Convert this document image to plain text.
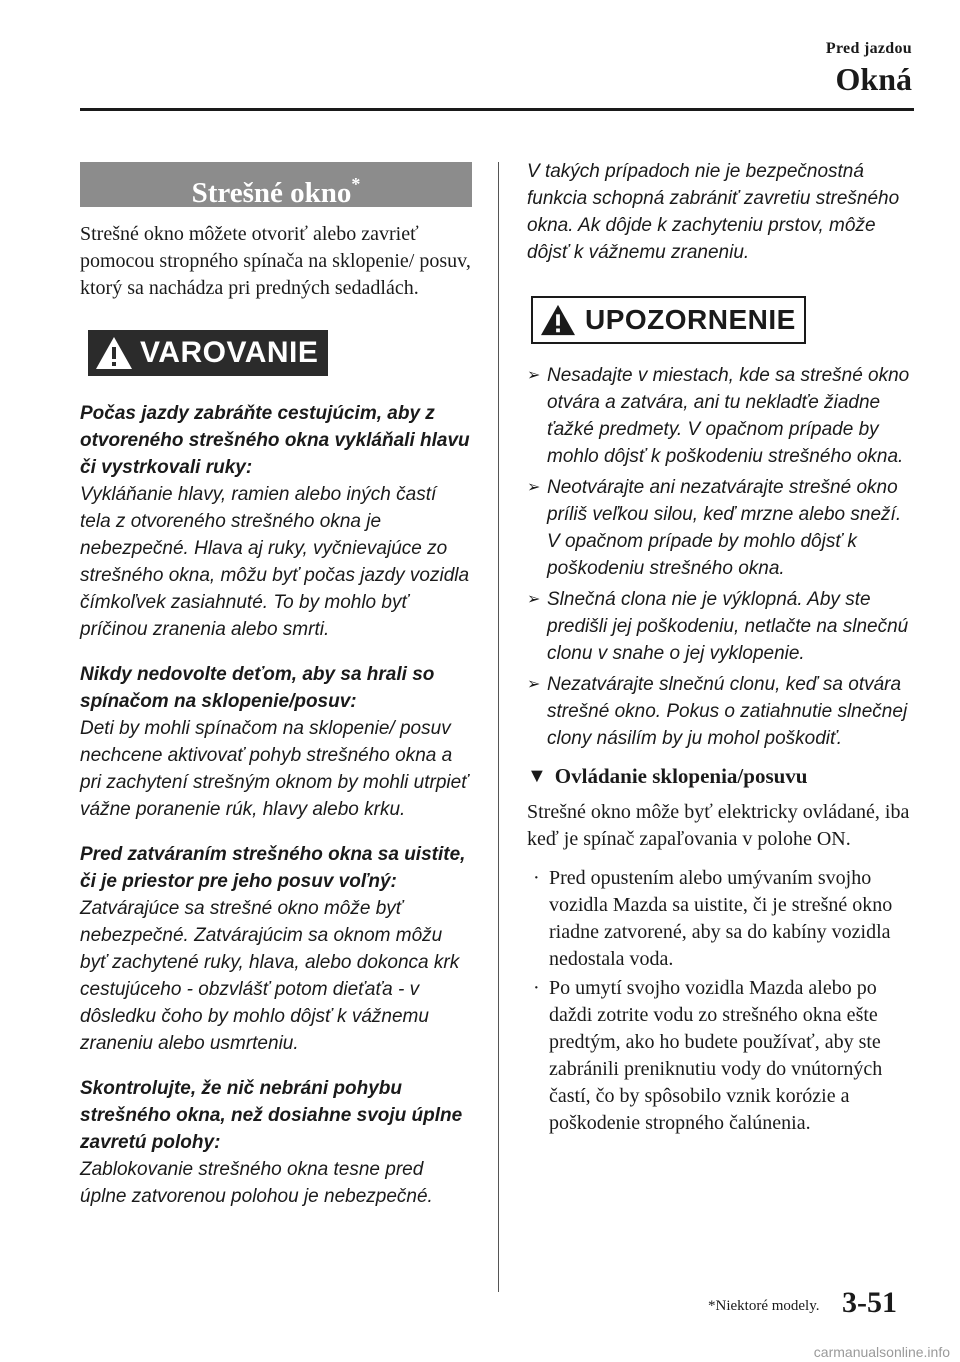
Pred jazdou
Okná
Strešné okno*

Strešné okno môžete otvoriť alebo zavrieť pomocou stropného spínača na sklopenie/ posuv, ktorý sa nachádza pri predných sedadlách.

VAROVANIE
Počas jazdy zabráňte cestujúcim, aby z otvoreného strešného okna vykláňali hlavu či vystrkovali ruky:
Vykláňanie hlavy, ramien alebo iných častí tela z otvoreného strešného okna je nebezpečné. Hlava aj ruky, vyčnievajúce zo strešného okna, môžu byť počas jazdy vozidla čímkoľvek zasiahnuté. To by mohlo byť príčinou zranenia alebo smrti.
Nikdy nedovolte deťom, aby sa hrali so spínačom na sklopenie/posuv:
Deti by mohli spínačom na sklopenie/ posuv nechcene aktivovať pohyb strešného okna a pri zachytení strešným oknom by mohli utrpieť vážne poranenie rúk, hlavy alebo krku.
Pred zatváraním strešného okna sa uistite, či je priestor pre jeho posuv voľný:
Zatvárajúce sa strešné okno môže byť nebezpečné. Zatvárajúcim sa oknom môžu byť zachytené ruky, hlava, alebo dokonca krk cestujúceho - obzvlášť potom dieťaťa - v dôsledku čoho by mohlo dôjsť k vážnemu zraneniu alebo usmrteniu.
Skontrolujte, že nič nebráni pohybu strešného okna, než dosiahne svoju úplne zavretú polohy:
Zablokovanie strešného okna tesne pred úplne zatvorenou polohou je nebezpečné.
V takých prípadoch nie je bezpečnostná funkcia schopná zabrániť zavretiu strešného okna. Ak dôjde k zachyteniu prstov, môže dôjsť k vážnemu zraneniu.
UPOZORNENIE
➢ Nesadajte v miestach, kde sa strešné okno otvára a zatvára, ani tu nekladťe žiadne ťažké predmety. V opačnom prípade by mohlo dôjsť k poškodeniu strešného okna.
➢ Neotvárajte ani nezatvárajte strešné okno príliš veľkou silou, keď mrzne alebo sneží. V opačnom prípade by mohlo dôjsť k poškodeniu strešného okna.
➢ Slnečná clona nie je výklopná. Aby ste predišli jej poškodeniu, netlačte na slnečnú clonu v snahe o jej vyklopenie.
➢ Nezatvárajte slnečnú clonu, keď sa otvára strešné okno. Pokus o zatiahnutie slnečnej clony násilím by ju mohol poškodiť.
▼ Ovládanie sklopenia/posuvu

Strešné okno môže byť elektricky ovládané, iba keď je spínač zapaľovania v polohe ON.

· Pred opustením alebo umývaním svojho vozidla Mazda sa uistite, či je strešné okno riadne zatvorené, aby sa do kabíny vozidla nedostala voda.
· Po umytí svojho vozidla Mazda alebo po daždi zotrite vodu zo strešného okna ešte predtým, ako ho budete používať, aby ste zabránili preniknutiu vody do vnútorných častí, čo by spôsobilo vznik korózie a poškodenie stropného čalúnenia.
*Niektoré modely. 3-51
carmanualsonline.info
